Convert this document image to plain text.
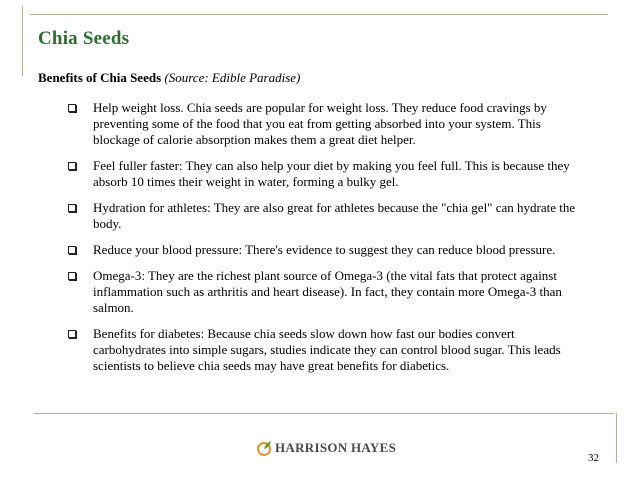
Chia Seeds
Benefits of Chia Seeds (Source: Edible Paradise)
Help weight loss. Chia seeds are popular for weight loss. They reduce food cravings by preventing some of the food that you eat from getting absorbed into your system. This blockage of calorie absorption makes them a great diet helper.
Feel fuller faster: They can also help your diet by making you feel full. This is because they absorb 10 times their weight in water, forming a bulky gel.
Hydration for athletes: They are also great for athletes because the "chia gel" can hydrate the body.
Reduce your blood pressure: There's evidence to suggest they can reduce blood pressure.
Omega-3: They are the richest plant source of Omega-3 (the vital fats that protect against inflammation such as arthritis and heart disease). In fact, they contain more Omega-3 than salmon.
Benefits for diabetes: Because chia seeds slow down how fast our bodies convert carbohydrates into simple sugars, studies indicate they can control blood sugar. This leads scientists to believe chia seeds may have great benefits for diabetics.
HARRISON HAYES
32
